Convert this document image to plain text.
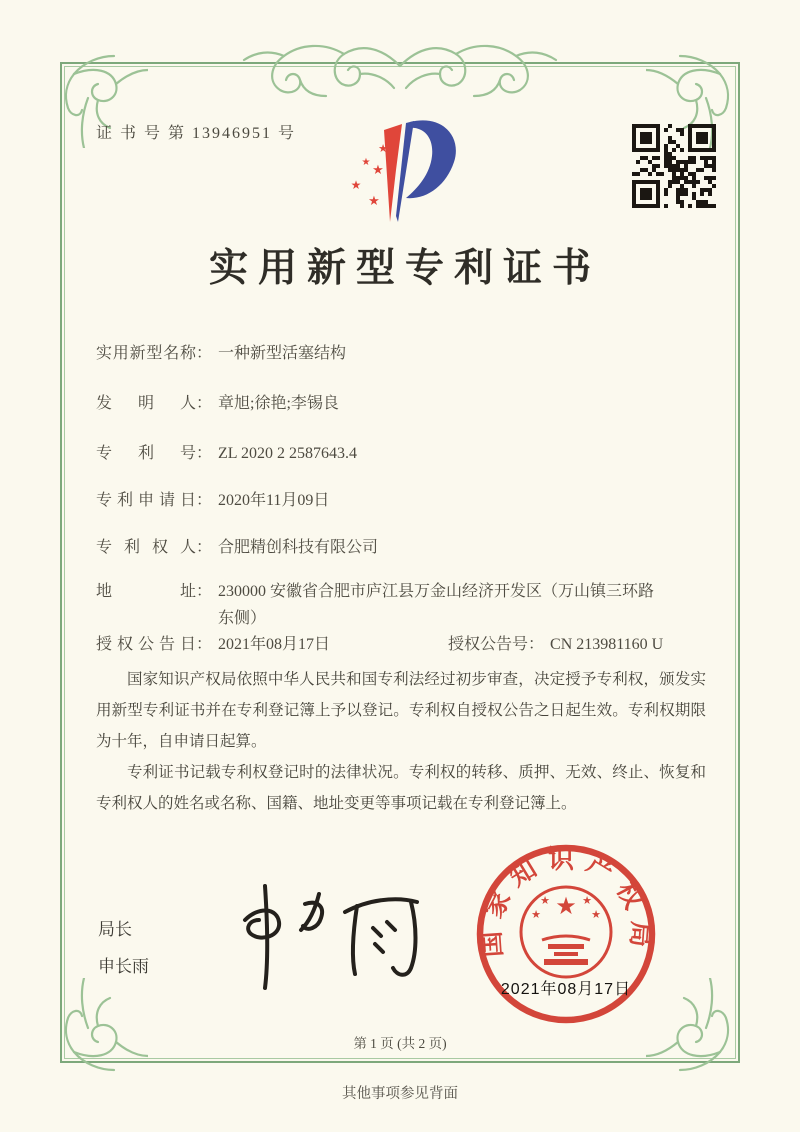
证 书 号 第 13946951 号
★
★
★
★
★
实用新型专利证书
实用新型名称 ： 一种新型活塞结构
发明人 ： 章旭;徐艳;李锡良
专利号 ： ZL 2020 2 2587643.4
专利申请日 ： 2020年11月09日
专利权人 ： 合肥精创科技有限公司
地址 ： 230000 安徽省合肥市庐江县万金山经济开发区（万山镇三环路东侧）
授权公告日 ： 2021年08月17日	授权公告号 ： CN 213981160 U

国家知识产权局依照中华人民共和国专利法经过初步审查，决定授予专利权，颁发实用新型专利证书并在专利登记簿上予以登记。专利权自授权公告之日起生效。专利权期限为十年，自申请日起算。

专利证书记载专利权登记时的法律状况。专利权的转移、质押、无效、终止、恢复和专利权人的姓名或名称、国籍、地址变更等事项记载在专利登记簿上。

局长
申长雨
国家知识产权局
★
★	★
★	★
2021年08月17日
第 1 页 (共 2 页)
其他事项参见背面
